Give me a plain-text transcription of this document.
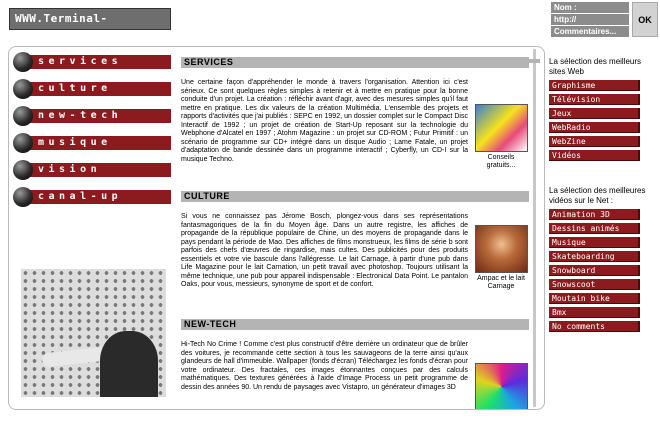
WWW.Terminal-media.net
Nom :
http://
Commentaires...
OK
services
culture
new-tech
musique
vision
canal-up
SERVICES
Une certaine façon d'appréhender le monde à travers l'organisation. Attention ici c'est sérieux. Ce sont quelques règles simples à retenir et à mettre en pratique pour la bonne conduite d'un projet. La création : réfléchir avant d'agir, avec des mesures simples qu'il faut mettre en pratique. Les dix valeurs de la création Multimédia. L'ensemble des projets et rapports d'activités que j'ai publiés : SEPC en 1992, un dossier complet sur le Compact Disc Interactif de 1992 ; un projet de création de Start-Up reposant sur la technologie du Webphone d'Alcatel en 1997 ; Atohm Magazine : un projet sur CD-ROM ; Futur Primitif : un scénario de programme sur CD+ intégré dans un disque Audio ; Lame Fatale, un projet d'adaptation de bande dessinée dans un programme interactif ; Cyberfly, un CD-I sur la musique Techno.	Conseils gratuits...
CULTURE
Si vous ne connaissez pas Jérome Bosch, plongez-vous dans ses représentations fantasmagoriques de la fin du Moyen âge. Dans un autre registre, les affiches de propagande de la république populaire de Chine, un des moyens de propagande dans le pays pendant la période de Mao. Des affiches de films monstrueux, les films de série b sont parfois des chefs d'œuvres de ringardise, mais cultes. Des publicités pour des produits essentiels et votre vie bascule dans l'allégresse. Le lait Carnage, à partir d'une pub dans Life Magazine pour le lait Carnation, un petit travail avec photoshop. Toujours utilisant la même technique, une pub pour appareil indispensable : Electronical Data Point. Le pantalon Oaks, pour vous, messieurs, synonyme de sport et de confort.
Ampac et le lait Carnage
NEW-TECH
Hi-Tech No Crime ! Comme c'est plus constructif d'être derrière un ordinateur que de brûler des voitures, je recommande cette section à tous les sauvageons de la terre ainsi qu'aux glandeurs de hall d'immeuble. Wallpaper (fonds d'écran) Téléchargez les fonds d'écran pour votre ordinateur. Des fractales, ces images étonnantes conçues par des calculs mathématiques. Des textures générées à l'aide d'Image Process un petit programme de dessin des années 90. Un rendu de paysages avec Vistapro, un générateur d'images 3D
La sélection des meilleurs sites Web
Graphisme
Télévision
Jeux
WebRadio
WebZine
Vidéos
La sélection des meilleures vidéos sur le Net :
Animation 3D
Dessins animés
Musique
Skateboarding
Snowboard
Snowscoot
Moutain bike
Bmx
No comments
